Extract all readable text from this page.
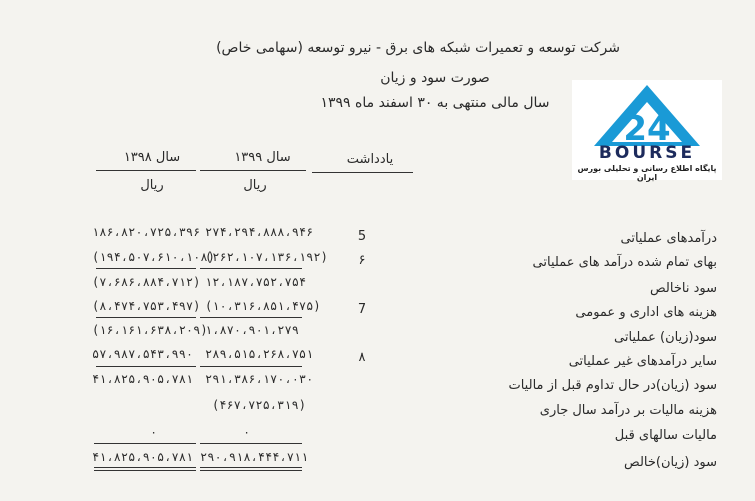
شرکت توسعه و تعمیرات شبکه های برق - نیرو توسعه (سهامی خاص)
صورت سود و زیان
سال مالی منتهی به ۳۰ اسفند ماه ۱۳۹۹
24
BOURSE
پایگاه اطلاع رسانی و تحلیلی بورس ایران
یادداشت
سال ۱۳۹۹
سال ۱۳۹۸
ریال
ریال
درآمدهای عملیاتی
5
۲۷۴،۲۹۴،۸۸۸،۹۴۶
۱۸۶،۸۲۰،۷۲۵،۳۹۶
بهای تمام شده درآمد های عملیاتی
۶
(۲۶۲،۱۰۷،۱۳۶،۱۹۲)
(۱۹۴،۵۰۷،۶۱۰،۱۰۸)
سود ناخالص
۱۲،۱۸۷،۷۵۲،۷۵۴
(۷،۶۸۶،۸۸۴،۷۱۲)
هزینه های اداری و عمومی
7
(۱۰،۳۱۶،۸۵۱،۴۷۵)
(۸،۴۷۴،۷۵۳،۴۹۷)
سود(زیان) عملیاتی
۱،۸۷۰،۹۰۱،۲۷۹
(۱۶،۱۶۱،۶۳۸،۲۰۹)
سایر درآمدهای غیر عملیاتی
۸
۲۸۹،۵۱۵،۲۶۸،۷۵۱
۵۷،۹۸۷،۵۴۳،۹۹۰
سود (زیان)در حال تداوم قبل از مالیات
۲۹۱،۳۸۶،۱۷۰،۰۳۰
۴۱،۸۲۵،۹۰۵،۷۸۱
هزینه مالیات بر درآمد سال جاری
(۴۶۷،۷۲۵،۳۱۹)
مالیات سالهای قبل
۰
۰
سود (زیان)خالص
۲۹۰،۹۱۸،۴۴۴،۷۱۱
۴۱،۸۲۵،۹۰۵،۷۸۱
